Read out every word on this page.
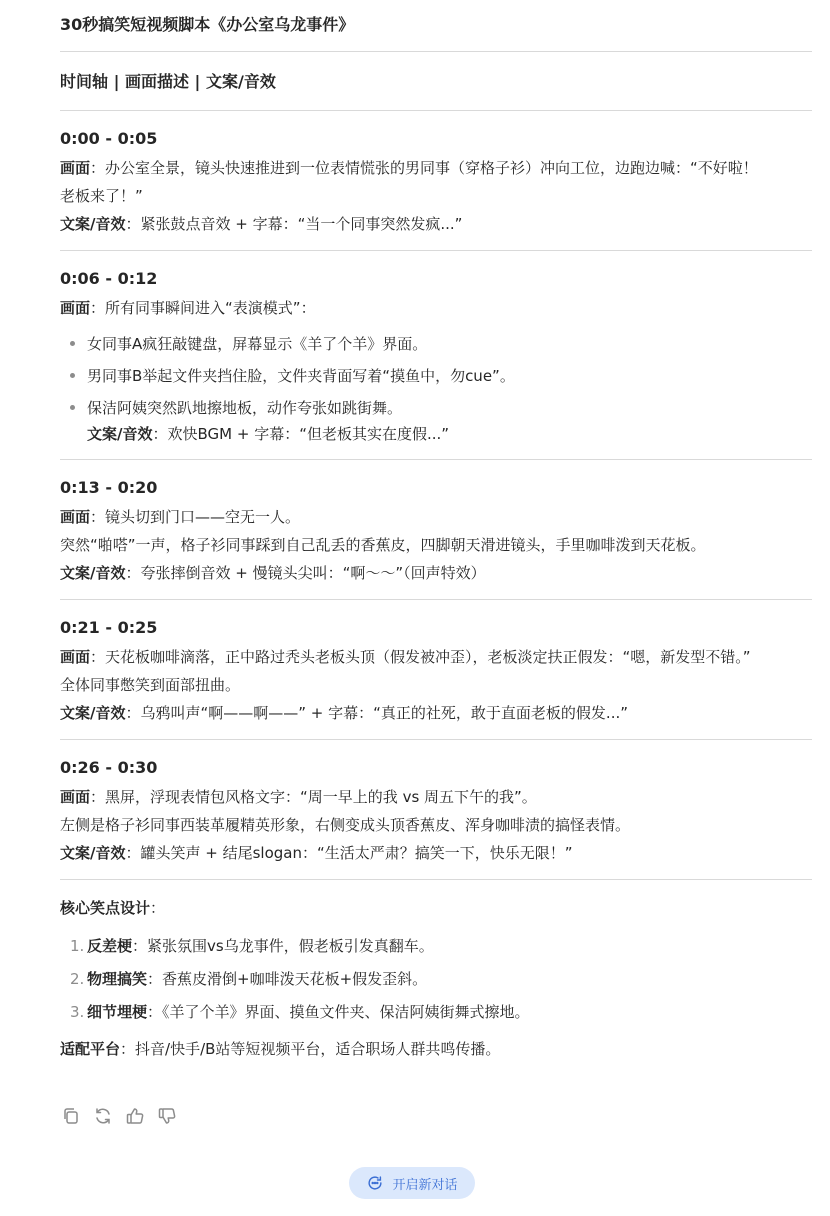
30秒搞笑短视频脚本《办公室乌龙事件》
时间轴 | 画面描述 | 文案/音效
0:00 - 0:05
画面：办公室全景，镜头快速推进到一位表情慌张的男同事（穿格子衫）冲向工位，边跑边喊：“不好啦！
老板来了！”
文案/音效：紧张鼓点音效 + 字幕：“当一个同事突然发疯...”
0:06 - 0:12
画面：所有同事瞬间进入“表演模式”：
女同事A疯狂敲键盘，屏幕显示《羊了个羊》界面。
男同事B举起文件夹挡住脸，文件夹背面写着“摸鱼中，勿cue”。
保洁阿姨突然趴地擦地板，动作夸张如跳街舞。
文案/音效：欢快BGM + 字幕：“但老板其实在度假...”
0:13 - 0:20
画面：镜头切到门口——空无一人。
突然“啪嗒”一声，格子衫同事踩到自己乱丢的香蕉皮，四脚朝天滑进镜头，手里咖啡泼到天花板。
文案/音效：夸张摔倒音效 + 慢镜头尖叫：“啊～～”（回声特效）
0:21 - 0:25
画面：天花板咖啡滴落，正中路过秃头老板头顶（假发被冲歪），老板淡定扶正假发：“嗯，新发型不错。”
全体同事憋笑到面部扭曲。
文案/音效：乌鸦叫声“啊——啊——” + 字幕：“真正的社死，敢于直面老板的假发...”
0:26 - 0:30
画面：黑屏，浮现表情包风格文字：“周一早上的我 vs 周五下午的我”。
左侧是格子衫同事西装革履精英形象，右侧变成头顶香蕉皮、浑身咖啡渍的搞怪表情。
文案/音效：罐头笑声 + 结尾slogan：“生活太严肃？搞笑一下，快乐无限！”
核心笑点设计：
1. 反差梗：紧张氛围vs乌龙事件，假老板引发真翻车。
2. 物理搞笑：香蕉皮滑倒+咖啡泼天花板+假发歪斜。
3. 细节埋梗：《羊了个羊》界面、摸鱼文件夹、保洁阿姨街舞式擦地。
适配平台：抖音/快手/B站等短视频平台，适合职场人群共鸣传播。
开启新对话
